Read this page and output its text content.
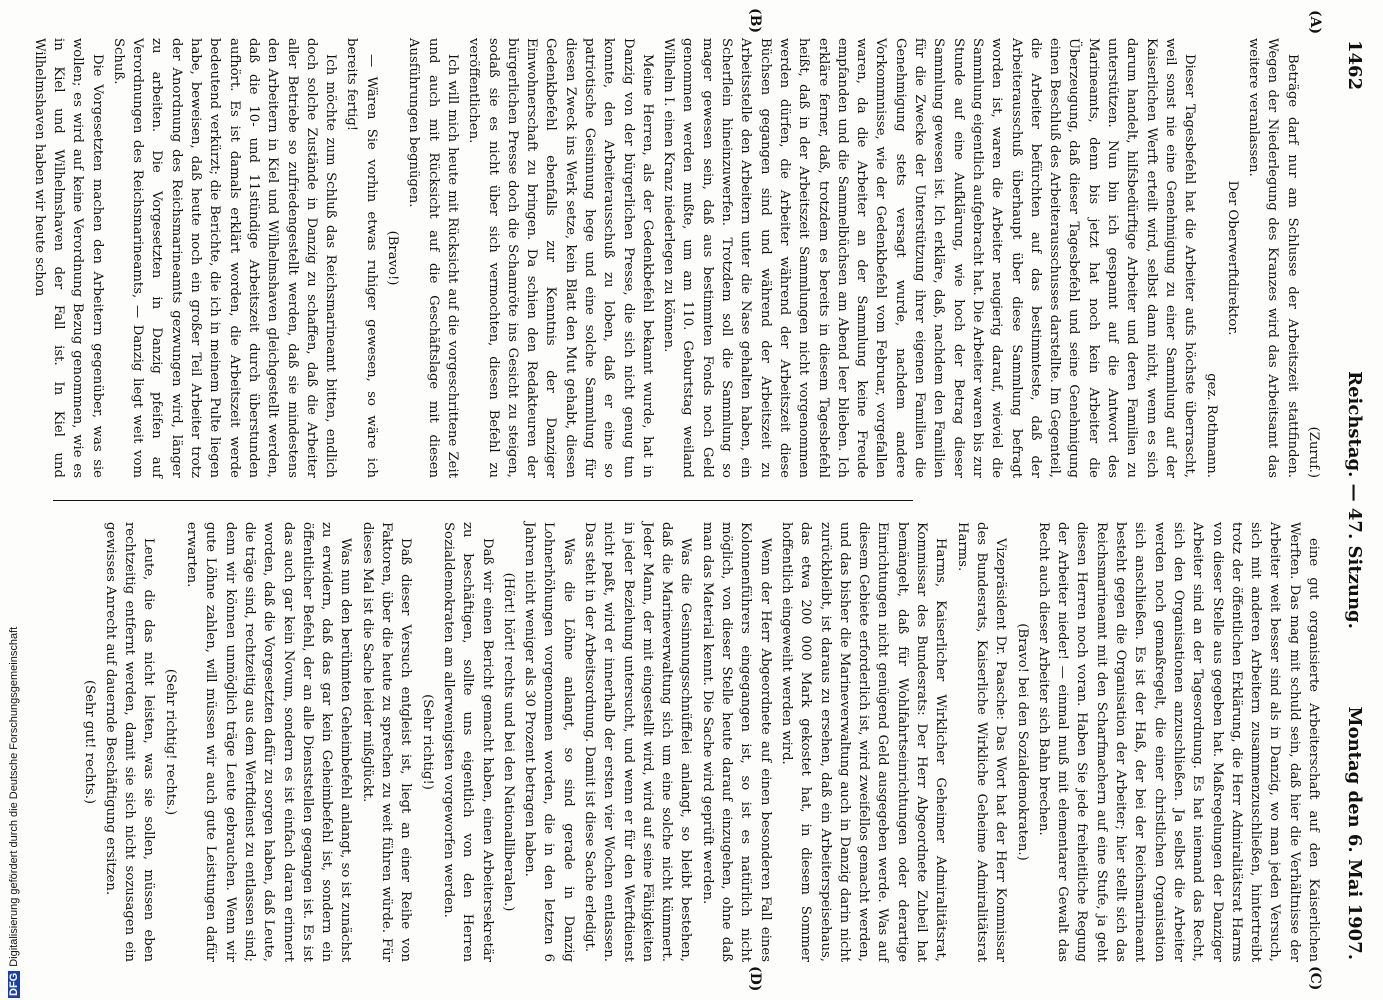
1462
Reichstag. — 47. Sitzung.
Montag den 6. Mai 1907.
(A)
(B)
(C)
(D)

(Zuruf.)

Beträge darf nur am Schlusse der Arbeitszeit stattfinden. Wegen der Niederlegung des Kranzes wird das Arbeitsamt das weitere veranlassen.

Der Oberwerftdirektor.

gez. Rothmann.

Dieser Tagesbefehl hat die Arbeiter aufs höchste überrascht, weil sonst nie eine Genehmigung zu einer Sammlung auf der Kaiserlichen Werft erteilt wird, selbst dann nicht, wenn es sich darum handelt, hilfsbedürftige Arbeiter und deren Familien zu unterstützen. Nun bin ich gespannt auf die Antwort des Marineamts, denn bis jetzt hat noch kein Arbeiter die Überzeugung, daß dieser Tagesbefehl und seine Genehmigung einen Beschluß des Arbeiterausschusses darstellte. Im Gegenteil, die Arbeiter befürchten auf das bestimmteste, daß der Arbeiterausschuß überhaupt über diese Sammlung befragt worden ist, waren die Arbeiter neugierig darauf, wieviel die Sammlung eigentlich aufgebracht hat. Die Arbeiter waren bis zur Stunde auf eine Aufklärung, wie hoch der Betrag dieser Sammlung gewesen ist. Ich erkläre, daß, nachdem den Familien für die Zwecke der Unterstützung ihrer eigenen Familien die Genehmigung stets versagt wurde, nachdem andere Vorkommnisse, wie der Gedenkbefehl vom Februar, vorgefallen waren, da die Arbeiter an der Sammlung keine Freude empfanden und die Sammelbüchsen am Abend leer blieben. Ich erkläre ferner, daß, trotzdem es bereits in diesem Tagesbefehl heißt, daß in der Arbeitszeit Sammlungen nicht vorgenommen werden dürfen, die Arbeiter während der Arbeitszeit diese Büchsen gegangen sind und während der Arbeitszeit zu Arbeitsstelle den Arbeitern unter die Nase gehalten haben, ein Scherflein hineinzuwerfen. Trotzdem soll die Sammlung so mager gewesen sein, daß aus bestimmten Fonds noch Geld genommen werden mußte, um am 110. Geburtstag weiland Wilhelm I. einen Kranz niederlegen zu können.

Meine Herren, als der Gedenkbefehl bekannt wurde, hat in Danzig von der bürgerlichen Presse, die sich nicht genug tun konnte, den Arbeiterausschuß zu loben, daß er eine so patriotische Gesinnung hege und eine solche Sammlung für diesen Zweck ins Werk setze, kein Blatt den Mut gehabt, diesen Gedenkbefehl ebenfalls zur Kenntnis der Danziger Einwohnerschaft zu bringen. Da schien den Redakteuren der bürgerlichen Presse doch die Schamröte ins Gesicht zu steigen, sodaß sie es nicht über sich vermochten, diesen Befehl zu veröffentlichen.

Ich will mich heute mit Rücksicht auf die vorgeschrittene Zeit und auch mit Rücksicht auf die Geschäftslage mit diesen Ausführungen begnügen.

(Bravo!)

— Wären Sie vorhin etwas ruhiger gewesen, so wäre ich bereits fertig!

Ich möchte zum Schluß das Reichsmarineamt bitten, endlich doch solche Zustände in Danzig zu schaffen, daß die Arbeiter aller Betriebe so zufriedengestellt werden, daß sie mindestens den Arbeitern in Kiel und Wilhelmshaven gleichgestellt werden, daß die 10- und 11stündige Arbeitszeit durch überstunden aufhört. Es ist damals erklärt worden, die Arbeitszeit werde bedeutend verkürzt; die Berichte, die ich in meinem Pulte liegen habe, beweisen, daß heute noch ein großer Teil Arbeiter trotz der Anordnung des Reichsmarineamts gezwungen wird, länger zu arbeiten. Die Vorgesetzten in Danzig pfeifen auf Verordnungen des Reichsmarineamts, — Danzig liegt weit vom Schuß.

Die Vorgesetzten machen den Arbeitern gegenüber, was sie wollen; es wird auf keine Verordnung Bezug genommen, wie es in Kiel und Wilhelmshaven der Fall ist. In Kiel und Wilhelmshaven haben wir heute schon

eine gut organisierte Arbeiterschaft auf den Kaiserlichen Werften. Das mag mit schuld sein, daß hier die Verhältnisse der Arbeiter weit besser sind als in Danzig, wo man jeden Versuch, sich mit anderen Arbeitern zusammenzuschließen, hintertreibt trotz der öffentlichen Erklärung, die Herr Admiralitätsrat Harms von dieser Stelle aus gegeben hat. Maßregelungen der Danziger Arbeiter sind an der Tagesordnung. Es hat niemand das Recht, sich den Organisationen anzuschließen. Ja selbst die Arbeiter werden noch gemaßregelt, die einer christlichen Organisation sich anschließen. Es ist der Haß, der bei der Reichsmarineamt besteht gegen die Organisation der Arbeiter; hier stellt sich das Reichsmarineamt mit den Scharfmachern auf eine Stufe, ja geht diesen Herren noch voran. Haben Sie jede freiheitliche Regung der Arbeiter nieder! — einmal muß mit elementarer Gewalt das Recht auch dieser Arbeiter sich Bahn brechen.

(Bravo! bei den Sozialdemokraten.)

Vizepräsident Dr. Paasche: Das Wort hat der Herr Kommissar des Bundesrats, Kaiserliche Wirkliche Geheime Admiralitätsrat Harms.

Harms, Kaiserlicher Wirklicher Geheimer Admiralitätsrat, Kommissar des Bundesrats: Der Herr Abgeordnete Zubeil hat bemängelt, daß für Wohlfahrtseinrichtungen oder derartige Einrichtungen nicht genügend Geld ausgegeben werde. Was auf diesem Gebiete erforderlich ist, wird zweifellos gemacht werden, und das bisher die Marineverwaltung auch in Danzig darin nicht zurückbleibt, ist daraus zu ersehen, daß ein Arbeiterspeisehaus, das etwa 200 000 Mark gekostet hat, in diesem Sommer hoffentlich eingeweiht werden wird.

Wenn der Herr Abgeordnete auf einen besonderen Fall eines Kolonnenführers eingegangen ist, so ist es natürlich nicht möglich, von dieser Stelle heute darauf einzugehen, ohne daß man das Material kennt. Die Sache wird geprüft werden.

Was die Gesinnungsschnüffelei anlangt, so bleibt bestehen, daß die Marineverwaltung sich um eine solche nicht kümmert. Jeder Mann, der mit eingestellt wird, wird auf seine Fähigkeiten in jeder Beziehung untersucht, und wenn er für den Werftdienst nicht paßt, wird er innerhalb der ersten vier Wochen entlassen. Das steht in der Arbeitsordnung. Damit ist diese Sache erledigt.

Was die Löhne anlangt, so sind gerade in Danzig Lohnerhöhungen vorgenommen worden, die in den letzten 6 Jahren nicht weniger als 30 Prozent betragen haben.

(Hört! hört! rechts und bei den Nationalliberalen.)

Daß wir einen Bericht gemacht haben, einen Arbeitersekretär zu beschäftigen, sollte uns eigentlich von den Herren Sozialdemokraten am allerwenigsten vorgeworfen werden.

(Sehr richtig!)

Daß dieser Versuch entgleist ist, liegt an einer Reihe von Faktoren, über die heute zu sprechen zu weit führen würde. Für dieses Mal ist die Sache leider mißglückt.

Was nun den berühmten Geheimbefehl anlangt, so ist zunächst zu erwidern, daß das gar kein Geheimbefehl ist, sondern ein öffentlicher Befehl, der an alle Dienststellen gegangen ist. Es ist das auch gar kein Novum, sondern es ist einfach daran erinnert worden, daß die Vorgesetzten dafür zu sorgen haben, daß Leute, die träge sind, rechtzeitig aus dem Werftdienst zu entlassen sind; denn wir können unmöglich träge Leute gebrauchen. Wenn wir gute Löhne zahlen, will müssen wir auch gute Leistungen dafür erwarten.

(Sehr richtig! rechts.)

Leute, die das nicht leisten, was sie sollen, müssen eben rechtzeitig entfernt werden, damit sie sich nicht sozusagen ein gewisses Anrecht auf dauernde Beschäftigung ersitzen.

(Sehr gut! rechts.)

DFGDigitalisierung gefördert durch die Deutsche Forschungsgemeinschaft
